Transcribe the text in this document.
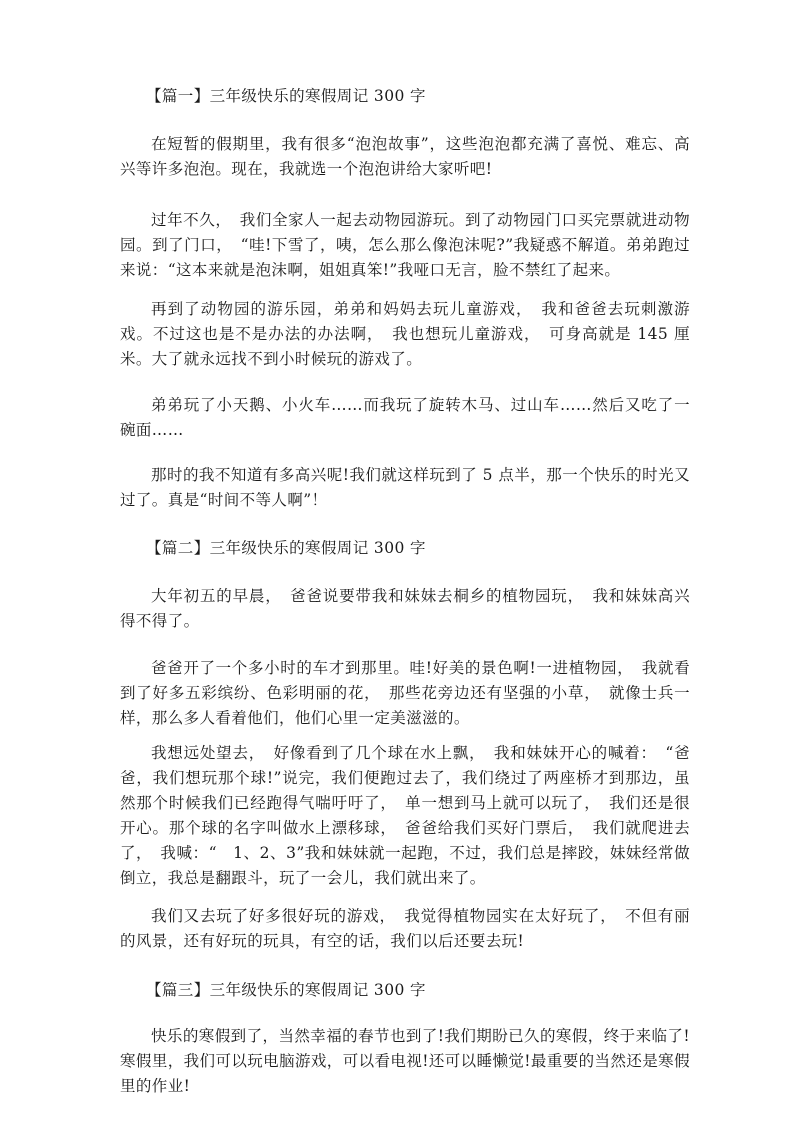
【篇一】三年级快乐的寒假周记 300 字

在短暂的假期里，我有很多“泡泡故事”，这些泡泡都充满了喜悦、难忘、高兴等许多泡泡。现在，我就选一个泡泡讲给大家听吧!

过年不久，　我们全家人一起去动物园游玩。到了动物园门口买完票就进动物园。到了门口，　“哇!下雪了，咦，怎么那么像泡沫呢?”我疑惑不解道。弟弟跑过来说：“这本来就是泡沫啊，姐姐真笨!”我哑口无言，脸不禁红了起来。

再到了动物园的游乐园，弟弟和妈妈去玩儿童游戏，　我和爸爸去玩刺激游戏。不过这也是不是办法的办法啊，　我也想玩儿童游戏，　可身高就是 145 厘米。大了就永远找不到小时候玩的游戏了。

弟弟玩了小天鹅、小火车……而我玩了旋转木马、过山车……然后又吃了一碗面……

那时的我不知道有多高兴呢!我们就这样玩到了 5 点半，那一个快乐的时光又过了。真是“时间不等人啊”！

【篇二】三年级快乐的寒假周记 300 字

大年初五的早晨，　爸爸说要带我和妹妹去桐乡的植物园玩，　我和妹妹高兴得不得了。

爸爸开了一个多小时的车才到那里。哇!好美的景色啊!一进植物园，　我就看到了好多五彩缤纷、色彩明丽的花，　那些花旁边还有坚强的小草，　就像士兵一样，那么多人看着他们，他们心里一定美滋滋的。

我想远处望去，　好像看到了几个球在水上飘，　我和妹妹开心的喊着：　“爸爸，我们想玩那个球!”说完，我们便跑过去了，我们绕过了两座桥才到那边，虽然那个时候我们已经跑得气喘吁吁了，　单一想到马上就可以玩了，　我们还是很开心。那个球的名字叫做水上漂移球，　爸爸给我们买好门票后，　我们就爬进去了，　我喊：“　1、2、3”我和妹妹就一起跑，不过，我们总是摔跤，妹妹经常做倒立，我总是翻跟斗，玩了一会儿，我们就出来了。

我们又去玩了好多很好玩的游戏，　我觉得植物园实在太好玩了，　不但有丽的风景，还有好玩的玩具，有空的话，我们以后还要去玩!

【篇三】三年级快乐的寒假周记 300 字

快乐的寒假到了，当然幸福的春节也到了!我们期盼已久的寒假，终于来临了!寒假里，我们可以玩电脑游戏，可以看电视!还可以睡懒觉!最重要的当然还是寒假里的作业!
